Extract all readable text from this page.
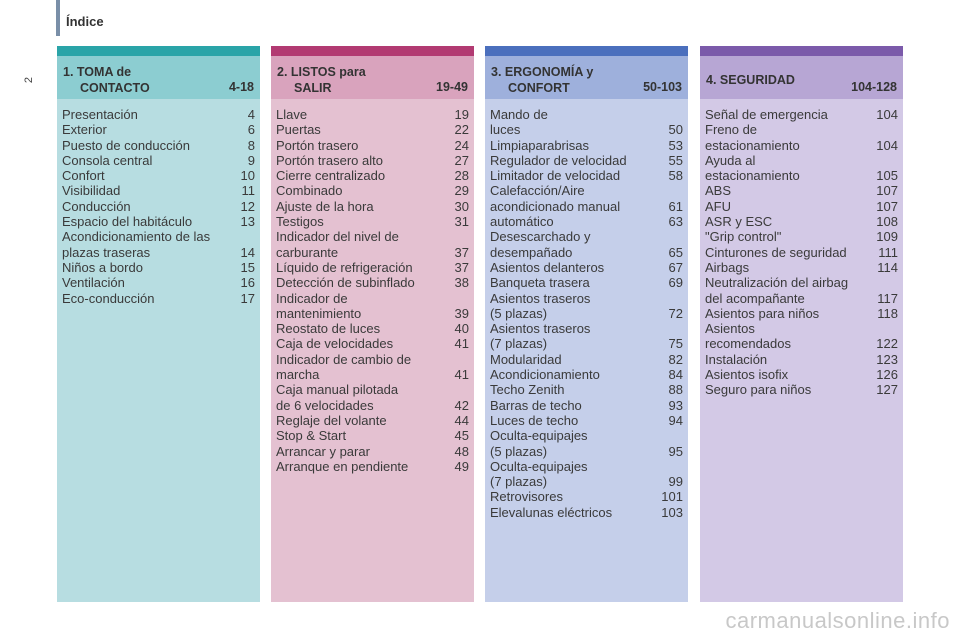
Índice
2
1. TOMA de
CONTACTO	4-18
Presentación	4
Exterior	6
Puesto de conducción	8
Consola central	9
Confort	10
Visibilidad	11
Conducción	12
Espacio del habitáculo	13
Acondicionamiento de las
plazas traseras	14
Niños a bordo	15
Ventilación	16
Eco-conducción	17
2. LISTOS para
SALIR	19-49
Llave	19
Puertas	22
Portón trasero	24
Portón trasero alto	27
Cierre centralizado	28
Combinado	29
Ajuste de la hora	30
Testigos	31
Indicador del nivel de
carburante	37
Líquido de refrigeración	37
Detección de subinflado	38
Indicador de
mantenimiento	39
Reostato de luces	40
Caja de velocidades	41
Indicador de cambio de
marcha	41
Caja manual pilotada
de 6 velocidades	42
Reglaje del volante	44
Stop & Start	45
Arrancar y parar	48
Arranque en pendiente	49
3. ERGONOMÍA y
CONFORT	50-103
Mando de
luces	50
Limpiaparabrisas	53
Regulador de velocidad	55
Limitador de velocidad	58
Calefacción/Aire
acondicionado manual	61
automático	63
Desescarchado y
desempañado	65
Asientos delanteros	67
Banqueta trasera	69
Asientos traseros
(5 plazas)	72
Asientos traseros
(7 plazas)	75
Modularidad	82
Acondicionamiento	84
Techo Zenith	88
Barras de techo	93
Luces de techo	94
Oculta-equipajes
(5 plazas)	95
Oculta-equipajes
(7 plazas)	99
Retrovisores	101
Elevalunas eléctricos	103
4. SEGURIDAD	104-128
Señal de emergencia	104
Freno de
estacionamiento	104
Ayuda al
estacionamiento	105
ABS	107
AFU	107
ASR y ESC	108
"Grip control"	109
Cinturones de seguridad 111
Airbags	114
Neutralización del airbag
del acompañante	117
Asientos para niños	118
Asientos
recomendados	122
Instalación	123
Asientos isofix	126
Seguro para niños	127
carmanualsonline.info
